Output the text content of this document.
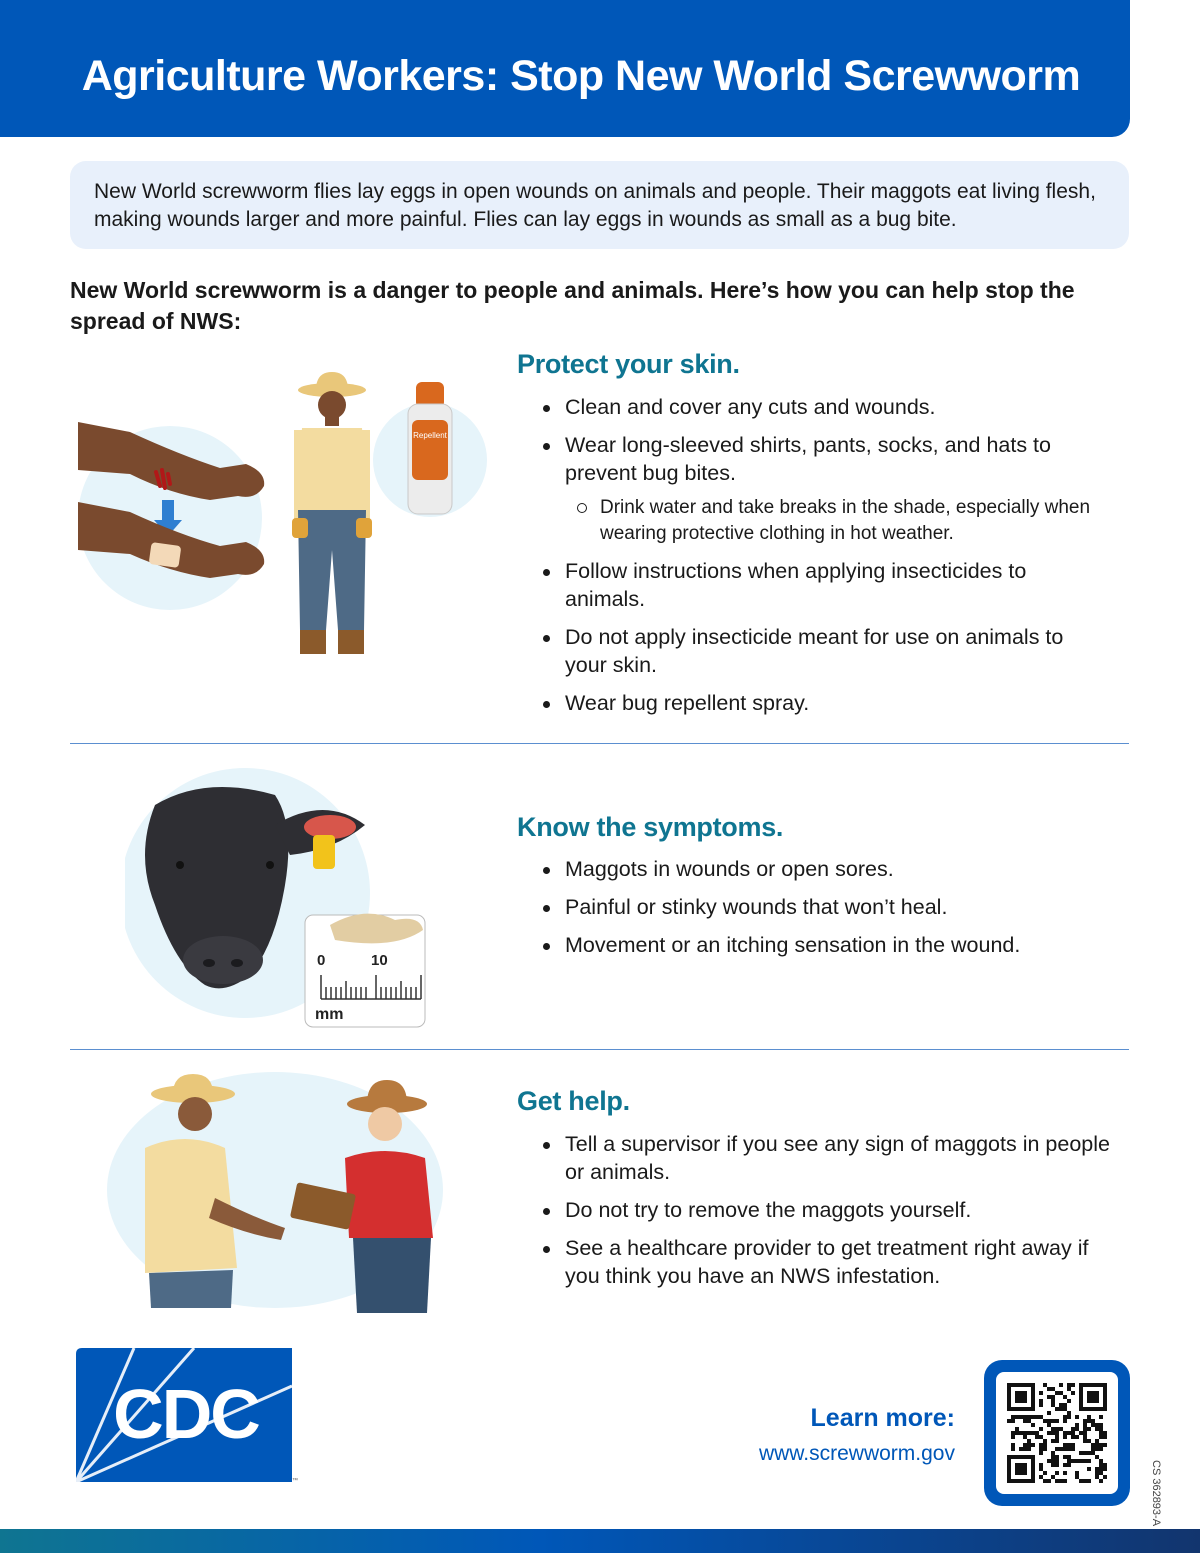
Agriculture Workers: Stop New World Screwworm

New World screwworm flies lay eggs in open wounds on animals and people. Their maggots eat living flesh, making wounds larger and more painful. Flies can lay eggs in wounds as small as a bug bite.

New World screwworm is a danger to people and animals. Here’s how you can help stop the spread of NWS:

Repellent
Protect your skin.
Clean and cover any cuts and wounds.
Wear long-sleeved shirts, pants, socks, and hats to prevent bug bites.
Drink water and take breaks in the shade, especially when wearing protective clothing in hot weather.
Follow instructions when applying insecticides to animals.
Do not apply insecticide meant for use on animals to your skin.
Wear bug repellent spray.
0	10
mm
Know the symptoms.
Maggots in wounds or open sores.
Painful or stinky wounds that won’t heal.
Movement or an itching sensation in the wound.
Get help.
Tell a supervisor if you see any sign of maggots in people or animals.
Do not try to remove the maggots yourself.
See a healthcare provider to get treatment right away if you think you have an NWS infestation.
CDC
™
Learn more:
www.screwworm.gov
CS 362893-A
